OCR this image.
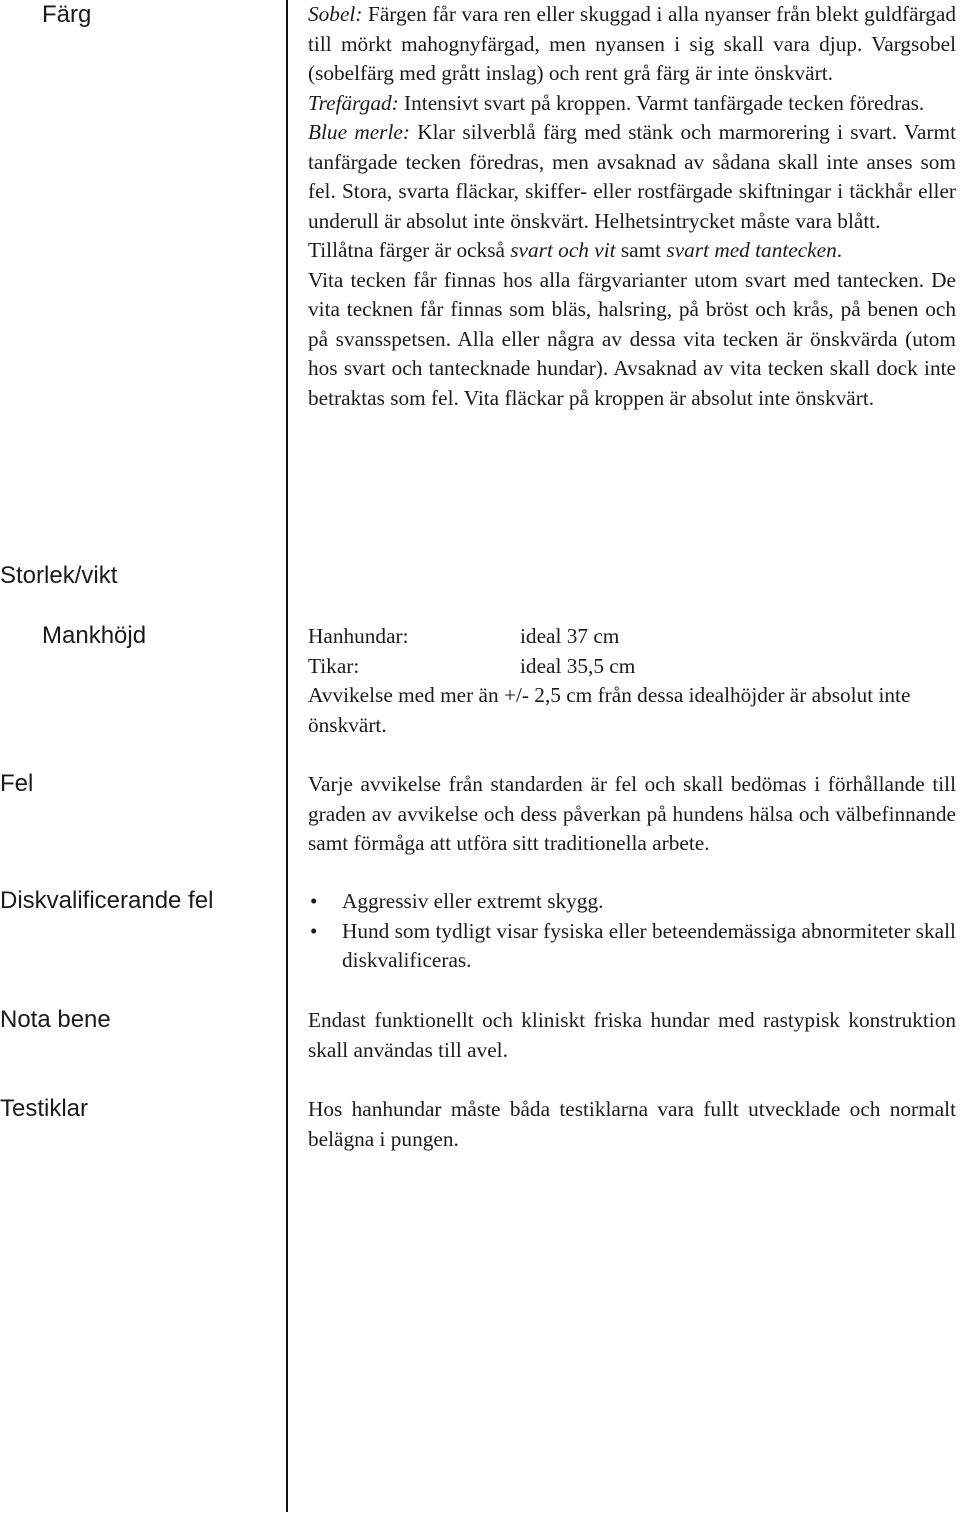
Färg
Storlek/vikt
Mankhöjd
Fel
Diskvalificerande fel
Nota bene
Testiklar

Sobel: Färgen får vara ren eller skuggad i alla nyanser från blekt guldfärgad till mörkt mahognyfärgad, men nyansen i sig skall vara djup. Vargsobel (sobelfärg med grått inslag) och rent grå färg är inte önskvärt.

Trefärgad: Intensivt svart på kroppen. Varmt tanfärgade tecken föredras.

Blue merle: Klar silverblå färg med stänk och marmorering i svart. Varmt tanfärgade tecken föredras, men avsaknad av sådana skall inte anses som fel. Stora, svarta fläckar, skiffer- eller rostfärgade skiftningar i täckhår eller underull är absolut inte önskvärt. Helhetsintrycket måste vara blått.

Tillåtna färger är också svart och vit samt svart med tantecken.

Vita tecken får finnas hos alla färgvarianter utom svart med tantecken. De vita tecknen får finnas som bläs, halsring, på bröst och krås, på benen och på svansspetsen. Alla eller några av dessa vita tecken är önskvärda (utom hos svart och tantecknade hundar). Avsaknad av vita tecken skall dock inte betraktas som fel. Vita fläckar på kroppen är absolut inte önskvärt.

Hanhundar:	ideal 37 cm
Tikar:	ideal 35,5 cm

Avvikelse med mer än +/- 2,5 cm från dessa idealhöjder är absolut inte önskvärt.

Varje avvikelse från standarden är fel och skall bedömas i förhållande till graden av avvikelse och dess påverkan på hundens hälsa och välbefinnande samt förmåga att utföra sitt traditionella arbete.

• Aggressiv eller extremt skygg.
• Hund som tydligt visar fysiska eller beteendemässiga abnormiteter skall diskvalificeras.

Endast funktionellt och kliniskt friska hundar med rastypisk konstruktion skall användas till avel.

Hos hanhundar måste båda testiklarna vara fullt utvecklade och normalt belägna i pungen.
